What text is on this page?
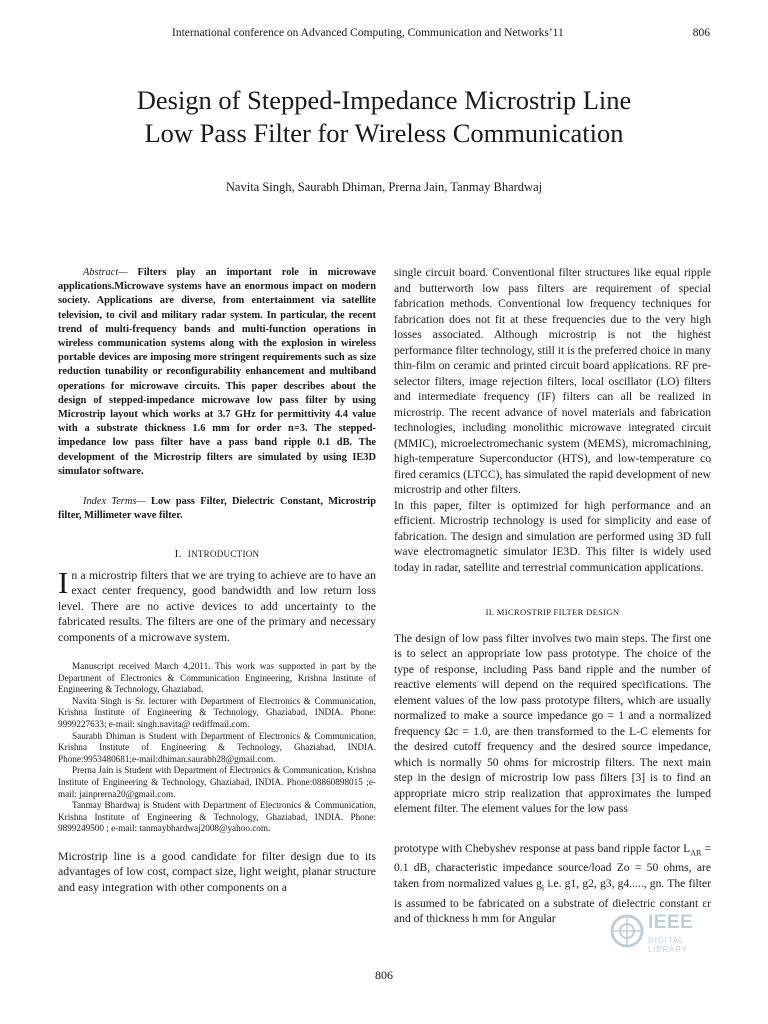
International conference on Advanced Computing, Communication and Networks’11	806
Design of Stepped-Impedance Microstrip Line
Low Pass Filter for Wireless Communication
Navita Singh, Saurabh Dhiman, Prerna Jain, Tanmay Bhardwaj

Abstract— Filters play an important role in microwave applications.Microwave systems have an enormous impact on modern society. Applications are diverse, from entertainment via satellite television, to civil and military radar system. In particular, the recent trend of multi-frequency bands and multi-function operations in wireless communication systems along with the explosion in wireless portable devices are imposing more stringent requirements such as size reduction tunability or reconfigurability enhancement and multiband operations for microwave circuits. This paper describes about the design of stepped-impedance microwave low pass filter by using Microstrip layout which works at 3.7 GHz for permittivity 4.4 value with a substrate thickness 1.6 mm for order n=3. The stepped-impedance low pass filter have a pass band ripple 0.1 dB. The development of the Microstrip filters are simulated by using IE3D simulator software.

Index Terms— Low pass Filter, Dielectric Constant, Microstrip filter, Millimeter wave filter.

I. INTRODUCTION

In a microstrip filters that we are trying to achieve are to have an exact center frequency, good bandwidth and low return loss level. There are no active devices to add uncertainty to the fabricated results. The filters are one of the primary and necessary components of a microwave system.

Manuscript received March 4,2011. This work was supported in part by the Department of Electronics & Communication Engineering, Krishna Institute of Engineering & Technology, Ghaziabad.

Navita Singh is Sr. lecturer with Department of Electronics & Communication, Krishna Institute of Engineering & Technology, Ghaziabad, INDIA. Phone: 9999227633; e-mail: singh.navita@ rediffmail.com.

Saurabh Dhiman is Student with Department of Electronics & Communication, Krishna Institute of Engineering & Technology, Ghaziabad, INDIA. Phone:9953480681;e-mail:dhiman.saurabh28@gmail.com.

Prerna Jain is Student with Department of Electronics & Communication, Krishna Institute of Engineering & Technology, Ghaziabad, INDIA. Phone:08860898015 ;e-mail: jainprerna20@gmail.com.

Tanmay Bhardwaj is Student with Department of Electronics & Communication, Krishna Institute of Engineering & Technology, Ghaziabad, INDIA. Phone: 9899249500 ; e-mail: tanmaybhardwaj2008@yahoo.com.

Microstrip line is a good candidate for filter design due to its advantages of low cost, compact size, light weight, planar structure and easy integration with other components on a

single circuit board. Conventional filter structures like equal ripple and butterworth low pass filters are requirement of special fabrication methods. Conventional low frequency techniques for fabrication does not fit at these frequencies due to the very high losses associated. Although microstrip is not the highest performance filter technology, still it is the preferred choice in many thin-film on ceramic and printed circuit board applications. RF pre-selector filters, image rejection filters, local oscillator (LO) filters and intermediate frequency (IF) filters can all be realized in microstrip. The recent advance of novel materials and fabrication technologies, including monolithic microwave integrated circuit (MMIC), microelectromechanic system (MEMS), micromachining, high-temperature Superconductor (HTS), and low-temperature co fired ceramics (LTCC), has simulated the rapid development of new microstrip and other filters.

In this paper, filter is optimized for high performance and an efficient. Microstrip technology is used for simplicity and ease of fabrication. The design and simulation are performed using 3D full wave electromagnetic simulator IE3D. This filter is widely used today in radar, satellite and terrestrial communication applications.

II. MICROSTRIP FILTER DESIGN

The design of low pass filter involves two main steps. The first one is to select an appropriate low pass prototype. The choice of the type of response, including Pass band ripple and the number of reactive elements will depend on the required specifications. The element values of the low pass prototype filters, which are usually normalized to make a source impedance go = 1 and a normalized frequency Ωc = 1.0, are then transformed to the L-C elements for the desired cutoff frequency and the desired source impedance, which is normally 50 ohms for microstrip filters. The next main step in the design of microstrip low pass filters [3] is to find an appropriate micro strip realization that approximates the lumped element filter. The element values for the low pass

prototype with Chebyshev response at pass band ripple factor $L_{AR} = 0.1$ dB, characteristic impedance source/load Zo = 50 ohms, are taken from normalized values $g_i$ i.e. g1, g2, g3, g4....., gn. The filter is assumed to be fabricated on a substrate of dielectric constant εr and of thickness h mm for Angular

806
IEEE
DIGITAL LIBRARY
